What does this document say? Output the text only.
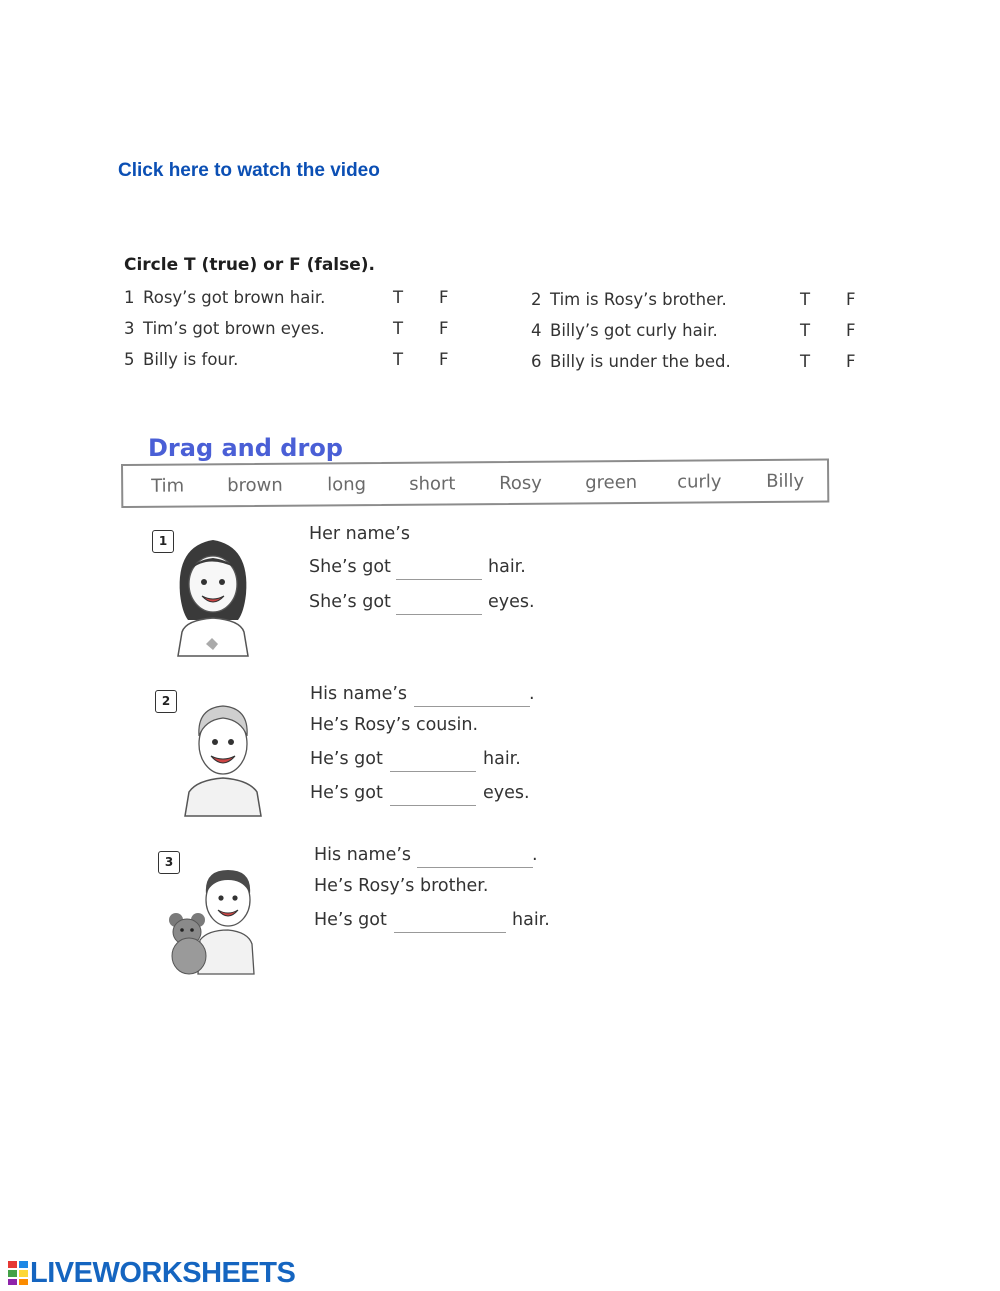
Click here to watch the video
Circle T (true) or F (false).
1 Rosy’s got brown hair.	T F	2 Tim is Rosy’s brother.	T F
3 Tim’s got brown eyes.	T F	4 Billy’s got curly hair.	T F
5 Billy is four.	T F	6 Billy is under the bed.	T F
Drag and drop
Tim brown long short Rosy green curly Billy
1	Her name’s
She’s got	hair.
She’s got	eyes.
2	His name’s	.
He’s Rosy’s cousin.
He’s got	hair.
He’s got	eyes.
3	His name’s	.
He’s Rosy’s brother.
He’s got	hair.
LIVEWORKSHEETS
